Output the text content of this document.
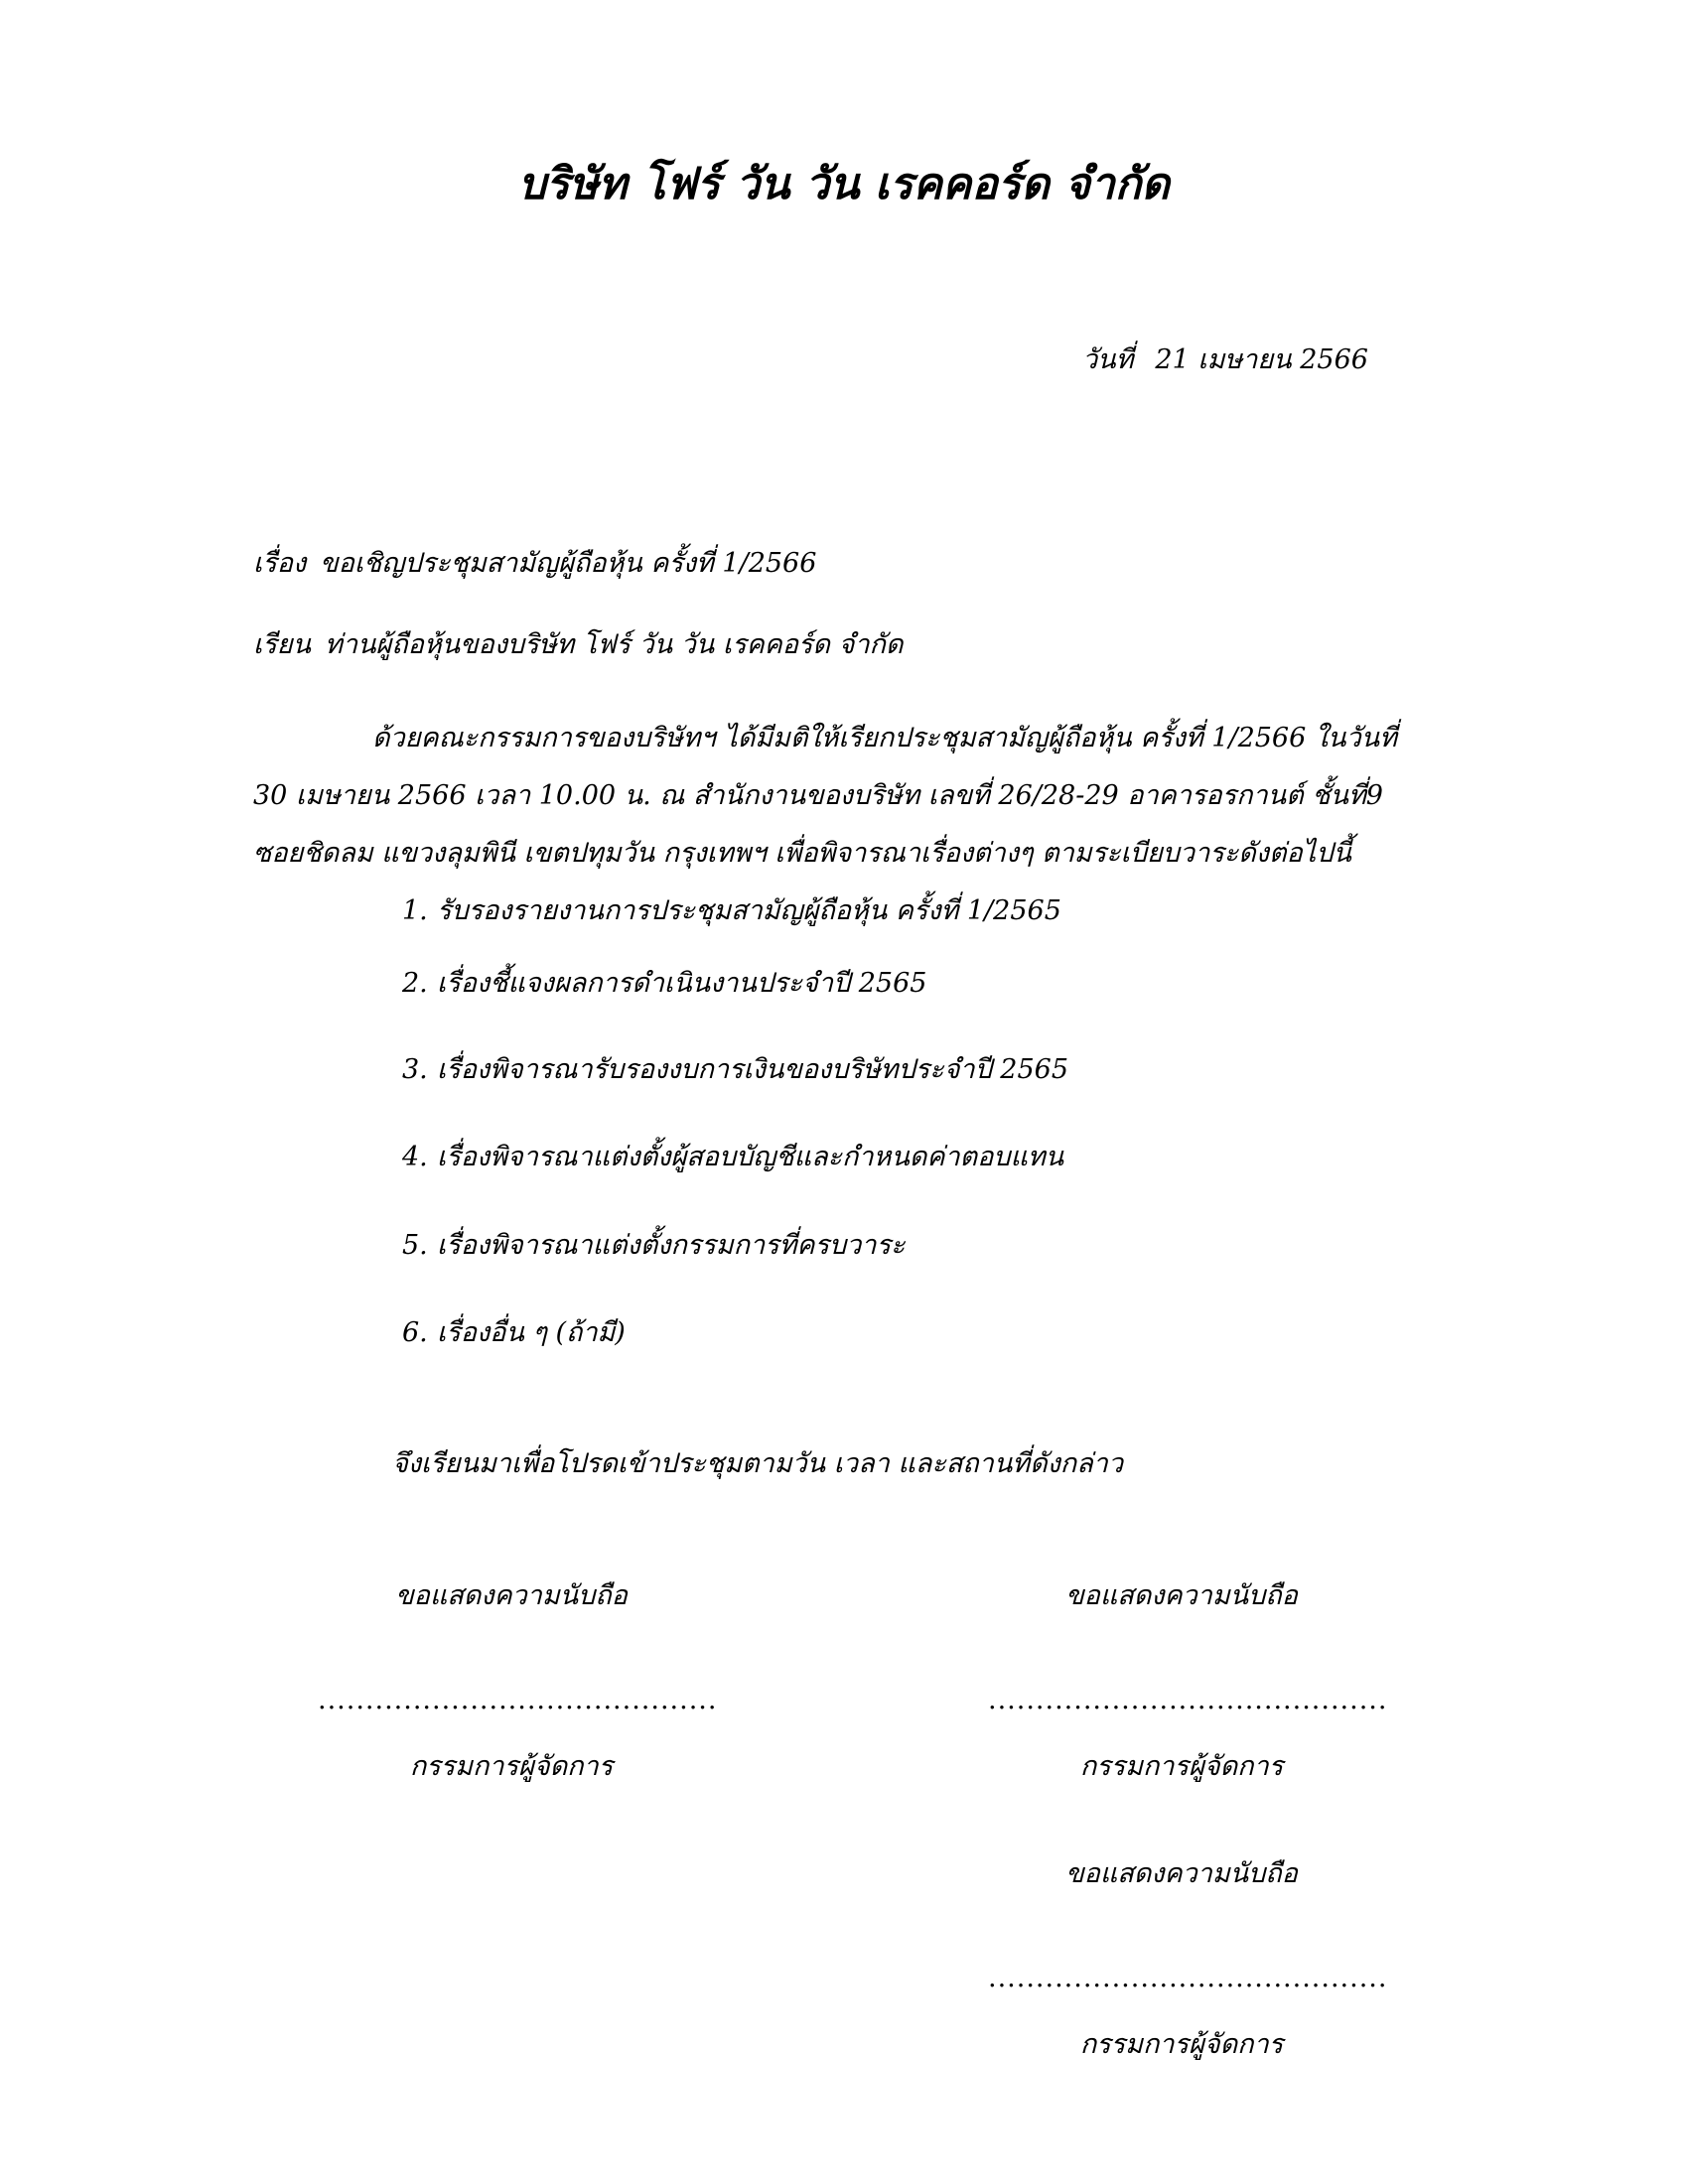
บริษัท โฟร์ วัน วัน เรคคอร์ด จำกัด
วันที่ 21 เมษายน 2566
เรื่อง ขอเชิญประชุมสามัญผู้ถือหุ้น ครั้งที่ 1/2566
เรียน ท่านผู้ถือหุ้นของบริษัท โฟร์ วัน วัน เรคคอร์ด จำกัด
ด้วยคณะกรรมการของบริษัทฯ ได้มีมติให้เรียกประชุมสามัญผู้ถือหุ้น ครั้งที่ 1/2566 ในวันที่ 30 เมษายน 2566 เวลา 10.00 น. ณ สำนักงานของบริษัท เลขที่ 26/28-29 อาคารอรกานต์ ชั้นที่9 ซอยชิดลม แขวงลุมพินี เขตปทุมวัน กรุงเทพฯ เพื่อพิจารณาเรื่องต่างๆ ตามระเบียบวาระดังต่อไปนี้
1. รับรองรายงานการประชุมสามัญผู้ถือหุ้น ครั้งที่ 1/2565
2. เรื่องชี้แจงผลการดำเนินงานประจำปี 2565
3. เรื่องพิจารณารับรองงบการเงินของบริษัทประจำปี 2565
4. เรื่องพิจารณาแต่งตั้งผู้สอบบัญชีและกำหนดค่าตอบแทน
5. เรื่องพิจารณาแต่งตั้งกรรมการที่ครบวาระ
6. เรื่องอื่น ๆ (ถ้ามี)
จึงเรียนมาเพื่อโปรดเข้าประชุมตามวัน เวลา และสถานที่ดังกล่าว
ขอแสดงความนับถือ
..........................................
กรรมการผู้จัดการ
ขอแสดงความนับถือ
..........................................
กรรมการผู้จัดการ
ขอแสดงความนับถือ
..........................................
กรรมการผู้จัดการ
